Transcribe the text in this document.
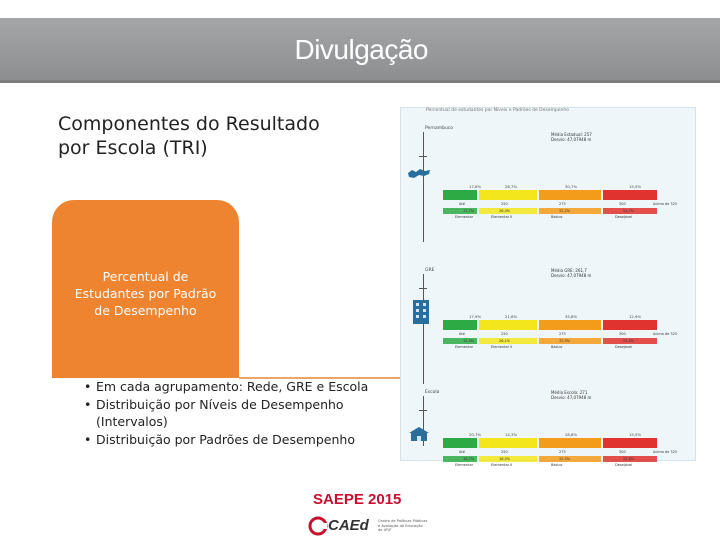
Divulgação
Componentes do Resultado
por Escola (TRI)
Percentual de
Estudantes por Padrão
de Desempenho
• Em cada agrupamento: Rede, GRE e Escola
• Distribuição por Níveis de Desempenho (Intervalos)
• Distribuição por Padrões de Desempenho
Percentual de estudantes por Níveis e Padrões de Desempenho
Pernambuco
Média Estadual: 257
Desvio: 47,07948 m
17,8%	26,7%	30,7%	15,5%
Até	250	275	300	Acima de 325
17,7%
Elementar
26,4%
Elementar II
32,2%
Básico
24,7%
Desejável
GRE	Média GRE: 261,7
Desvio: 47,07948 m
17,9%	21,6%	35,8%	12,9%
Até	250	275	300	Acima de 325
15,9%
Elementar
26,1%
Elementar II
32,9%
Básico
24,8%
Desejável
Escola	Média Escola: 271
Desvio: 47,07948 m
20,7%	14,3%	28,8%	15,5%
Até	250	275	300	Acima de 325
16,7%
Elementar
18,0%
Elementar II
32,5%
Básico
32,8%
Desejável
SAEPE 2015
CAEd	Centro de Políticas Públicas
e Avaliação da Educação
da UFJF
